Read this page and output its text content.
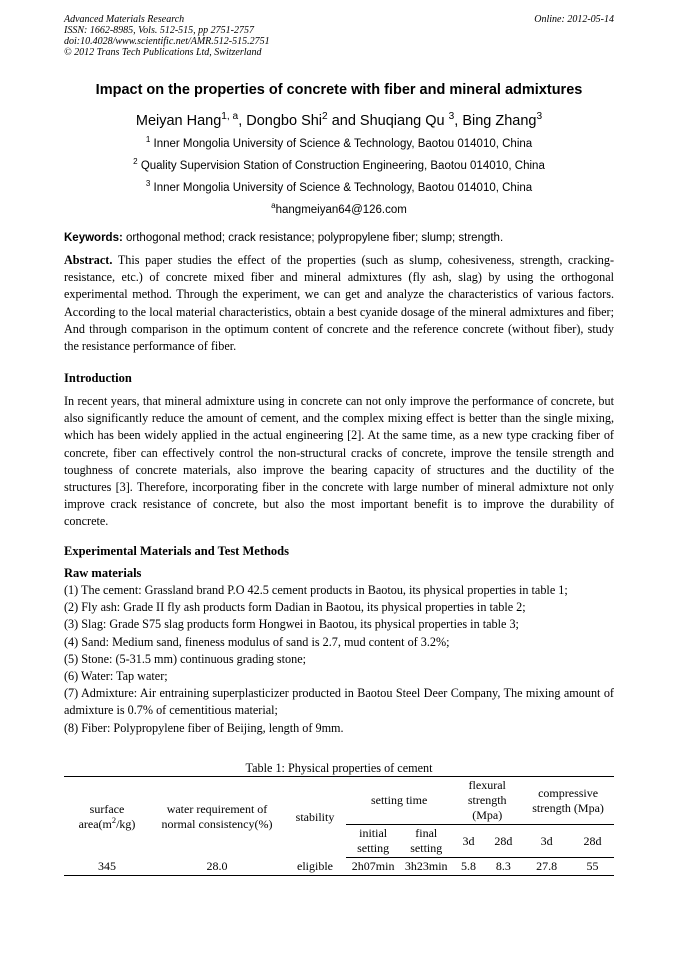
Advanced Materials Research
ISSN: 1662-8985, Vols. 512-515, pp 2751-2757
doi:10.4028/www.scientific.net/AMR.512-515.2751
© 2012 Trans Tech Publications Ltd, Switzerland
Online: 2012-05-14
Impact on the properties of concrete with fiber and mineral admixtures
Meiyan Hang$^{1, a}$, Dongbo Shi$^2$ and Shuqiang Qu $^3$, Bing Zhang$^3$
$^1$ Inner Mongolia University of Science & Technology, Baotou 014010, China
$^2$ Quality Supervision Station of Construction Engineering, Baotou 014010, China
$^3$ Inner Mongolia University of Science & Technology, Baotou 014010, China
$^a$hangmeiyan64@126.com
Keywords: orthogonal method; crack resistance; polypropylene fiber; slump; strength.
Abstract. This paper studies the effect of the properties (such as slump, cohesiveness, strength, cracking-resistance, etc.) of concrete mixed fiber and mineral admixtures (fly ash, slag) by using the orthogonal experimental method. Through the experiment, we can get and analyze the characteristics of various factors. According to the local material characteristics, obtain a best cyanide dosage of the mineral admixtures and fiber; And through comparison in the optimum content of concrete and the reference concrete (without fiber), study the resistance performance of fiber.
Introduction
In recent years, that mineral admixture using in concrete can not only improve the performance of concrete, but also significantly reduce the amount of cement, and the complex mixing effect is better than the single mixing, which has been widely applied in the actual engineering [2]. At the same time, as a new type cracking fiber of concrete, fiber can effectively control the non-structural cracks of concrete, improve the tensile strength and toughness of concrete materials, also improve the bearing capacity of structures and the ductility of the structures [3]. Therefore, incorporating fiber in the concrete with large number of mineral admixture not only improve crack resistance of concrete, but also the most important benefit is to improve the durability of concrete.
Experimental Materials and Test Methods
Raw materials
(1) The cement: Grassland brand P.O 42.5 cement products in Baotou, its physical properties in table 1;
(2) Fly ash: Grade II fly ash products form Dadian in Baotou, its physical properties in table 2;
(3) Slag: Grade S75 slag products form Hongwei in Baotou, its physical properties in table 3;
(4) Sand: Medium sand, fineness modulus of sand is 2.7, mud content of 3.2%;
(5) Stone: (5-31.5 mm) continuous grading stone;
(6) Water: Tap water;
(7) Admixture: Air entraining superplasticizer producted in Baotou Steel Deer Company, The mixing amount of admixture is 0.7% of cementitious material;
(8) Fiber: Polypropylene fiber of Beijing, length of 9mm.
Table 1: Physical properties of cement
surface $area(m^2/kg)$	water requirement of normal consistency(%)	stability	setting time		flexural strength (Mpa)		compressive strength (Mpa)	
			initial setting	final setting	3d	28d	3d	28d
345	28.0	eligible	2h07min	3h23min	5.8	8.3	27.8	55
